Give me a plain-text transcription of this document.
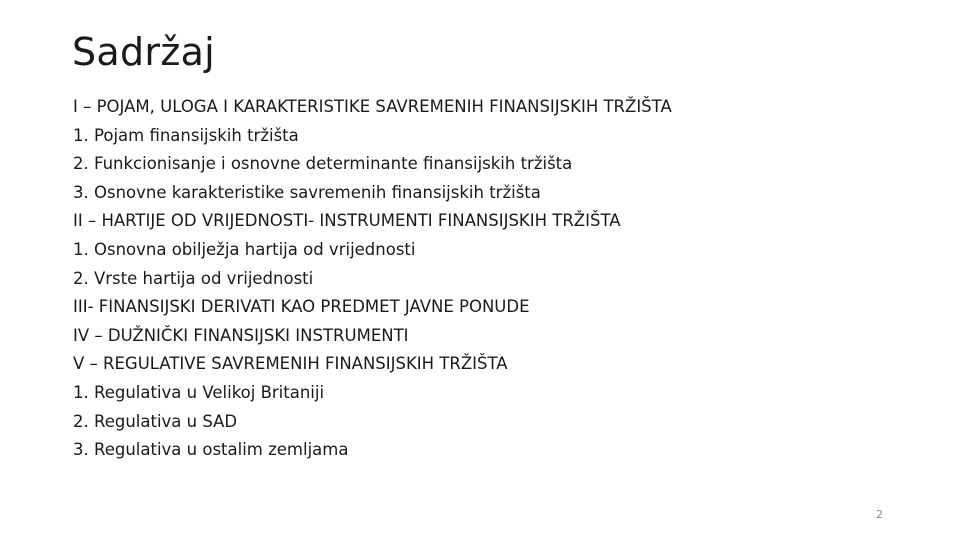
Sadržaj
I – POJAM, ULOGA I KARAKTERISTIKE SAVREMENIH FINANSIJSKIH TRŽIŠTA
1. Pojam finansijskih tržišta
2. Funkcionisanje i osnovne determinante finansijskih tržišta
3. Osnovne karakteristike savremenih finansijskih tržišta
II – HARTIJE OD VRIJEDNOSTI- INSTRUMENTI FINANSIJSKIH TRŽIŠTA
1. Osnovna obilježja hartija od vrijednosti
2. Vrste hartija od vrijednosti
III- FINANSIJSKI DERIVATI KAO PREDMET JAVNE PONUDE
IV – DUŽNIČKI FINANSIJSKI INSTRUMENTI
V – REGULATIVE SAVREMENIH FINANSIJSKIH TRŽIŠTA
1. Regulativa u Velikoj Britaniji
2. Regulativa u SAD
3. Regulativa u ostalim zemljama
2
